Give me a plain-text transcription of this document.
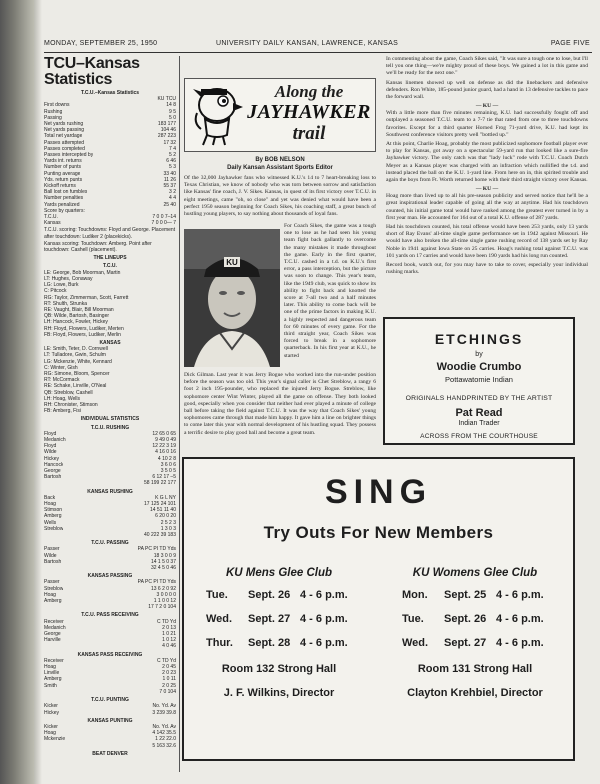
MONDAY, SEPTEMBER 25, 1950	UNIVERSITY DAILY KANSAN, LAWRENCE, KANSAS	PAGE FIVE
TCU–Kansas
Statistics
T.C.U.–Kansas Statistics
KU TCU
First downs	14 8
Rushing	9 5
Passing	5 0
Net yards rushing	183 177
Net yards passing	104 46
Total net yardage	287 223
Passes attempted	17 32
Passes completed	7 4
Passes intercepted by	5 2
Yards int. returns	6 46
Number of punts	5 3
Punting average	33 40
Yds. return punts	11 26
Kickoff returns	55 37
Ball lost on fumbles	3 2
Number penalties	4 4
Yards penalized	25 40
Score by quarters:
T.C.U.	7 0 0 7–14
Kansas	7 0 0 0— 7
T.C.U. scoring: Touchdowns: Floyd and George. Placement after touchdown: Ludiker 2 (placekicks).
Kansas scoring: Touchdown: Amberg. Point after touchdown: Cashell (placement).
THE LINEUPS
T.C.U.
LE: George, Bob Moorman, Martin
LT: Hughes, Conaway
LG: Lowe, Burk
C: Pitcock
RG: Taylor, Zimmerman, Scott, Farrett
RT: Shulth, Strunka
RE: Vaught, Blair, Bill Moorman
QB: Wilde, Bartosh, Basinger
LH: Hancock, Fowler, Hickey
RH: Floyd, Flowers, Ludiker, Merten
FB: Floyd, Flowers, Ludiker, Merlin
KANSAS
LE: Smith, Teter, D. Cornwell
LT: Tulladore, Gwin, Schulm
LG: Mckenzie, White, Kennard
C: Winter, Gish
RG: Simone, Bloom, Spencer
RT: McCormack
RE: Schake, Linville, O'Neal
QB: Streblow, Cashell
LH: Hoag, Wells
RH: Chronister, Stimson
FB: Amberg, Fisi
INDIVIDUAL STATISTICS
T.C.U. RUSHING
Floyd	12 65 0 65
Medanich	9 49 0 49
Floyd	12 22 3 19
Wilde	4 16 0 16
Hickey	4 10 2 8
Hancock	3 6 0 6
George	3 5 0 5
Bartosh	6 12 17 –5
58 199 22 177
KANSAS RUSHING
Back	K G L NY
Hoag	17 125 24 101
Stimson	14 51 11 40
Amberg	6 20 0 20
Wells	2 5 2 3
Streblow	1 3 0 3
40 222 39 183
T.C.U. PASSING
Passer	PA PC PI TD Yds
Wilde	18 3 0 0 9
Bartosh	14 1 5 0 37
32 4 5 0 46
KANSAS PASSING
Passer	PA PC PI TD Yds
Streblow	13 6 2 0 92
Hoag	3 0 0 0 0
Amberg	1 1 0 0 12
17 7 2 0 104
T.C.U. PASS RECEIVING
Receiver	C TD Yd
Medanich	2 0 13
George	1 0 21
Harville	1 0 12
4 0 46
KANSAS PASS RECEIVING
Receiver	C TD Yd
Hoag	2 0 45
Linville	2 0 23
Amberg	1 0 11
Smith	2 0 25
7 0 104
T.C.U. PUNTING
Kicker	No. Yd. Av
Hickey	3 239 39.8
KANSAS PUNTING
Kicker	No. Yd. Av
Hoag	4 142 35.5
Mckenzie	1 22 22.0
5 163 32.6
BEAT DENVER
Along the
JAYHAWKER
trail
By BOB NELSON
Daily Kansan Assistant Sports Editor
Of the 32,000 Jayhawker fans who witnessed K.U.'s 14 to 7 heart-breaking loss to Texas Christian, we know of nobody who was torn between sorrow and satisfaction like Kansas' fine coach, J. V. Sikes. Kansas, in quest of its first victory over T.C.U. in eight meetings, came "oh, so close" and yet was denied what would have been a perfect 1950 season beginning for Coach Sikes, his coaching staff, a great bunch of hustling young players, to say nothing about thousands of loyal fans.
KU
For Coach Sikes, the game was a tough one to lose as he had seen his young team fight back gallantly to overcome the many mistakes it made throughout the game. Early in the first quarter, T.C.U. cashed in a t.d. on K.U.'s first error, a pass interception, but the picture was soon to change. This year's team, like the 1949 club, was quick to show its ability to fight back and knotted the score at 7-all two and a half minutes later. This ability to come back will be one of the prime factors in making K.U. a highly respected and dangerous team for 60 minutes of every game. For the third straight year, Coach Sikes was forced to break in a sophomore quarterback. In his first year at K.U., he started
Dick Gilman. Last year it was Jerry Bogue who worked into the run-under position before the season was too old. This year's signal caller is Chet Streblow, a rangy 6 foot 2 inch 195-pounder, who replaced the injured Jerry Bogue. Streblow, like sophomore center Wint Winter, played all the game on offense. They both looked good, especially when you consider that neither had ever played a minute of college ball before taking the field against T.C.U. It was the way that Coach Sikes' young sophomores came through that made him happy. It gave him a line on brighter things to come later this year with normal development of his hustling squad. They possess a terrific desire to play good ball and become a great team.
In commenting about the game, Coach Sikes said, "It was sure a tough one to lose, but I'll tell you one thing—we're mighty proud of these boys. We gained a lot in this game and we'll be ready for the next one."
Kansas linemen showed up well on defense as did the linebackers and defensive defenders. Ron White, 185-pound junior guard, had a hand in 13 defensive tackles to pace the forward wall.
— KU —
With a little more than five minutes remaining, K.U. had successfully fought off and outplayed a seasoned T.C.U. team to a 7-7 tie that rated from one to three touchdowns favorites. Except for a third quarter Horned Frog 71-yard drive, K.U. had kept its Southwest conference visitors pretty well "bottled up."
At this point, Charlie Hoag, probably the most publicized sophomore football player ever to play for Kansas, got away on a spectacular 59-yard run that looked like a sure-fire Jayhawker victory. The only catch was that "lady luck" rode with T.C.U. Coach Dutch Meyer as a Kansas player was charged with an infraction which nullified the t.d. and instead placed the ball on the K.U. 1-yard line. From here on in, this spirited trouble and again the boys from Ft. Worth returned home with their third straight victory over Kansas.
— KU —
Hoag more than lived up to all his pre-season publicity and served notice that he'll be a great inspirational leader capable of going all the way at anytime. Had his touchdown counted, his initial game total would have ranked among the greatest ever turned in by a first year man. He accounted for 164 out of a total K.U. offense of 287 yards.
Had his touchdown counted, his total offense would have been 253 yards, only 13 yards short of Ray Evans' all-time single game performance set in 1942 against Missouri. He would have also broken the all-time single game rushing record of 138 yards set by Ray Noble in 1941 against Iowa State on 25 carries. Hoag's rushing total against T.C.U. was 101 yards on 17 carries and would have been 190 yards had his long run counted.
Record book, watch out, for you may have to take to cover, especially your individual rushing marks.
ETCHINGS
by
Woodie Crumbo
Pottawatomie Indian
ORIGINALS HANDPRINTED BY THE ARTIST
Pat Read
Indian Trader
ACROSS FROM THE COURTHOUSE
SING
Try Outs For New Members
KU Mens Glee Club
Tue. Sept. 26 4 - 6 p.m.
Wed. Sept. 27 4 - 6 p.m.
Thur. Sept. 28 4 - 6 p.m.
Room 132 Strong Hall
J. F. Wilkins, Director
KU Womens Glee Club
Mon. Sept. 25 4 - 6 p.m.
Tue. Sept. 26 4 - 6 p.m.
Wed. Sept. 27 4 - 6 p.m.
Room 131 Strong Hall
Clayton Krehbiel, Director
